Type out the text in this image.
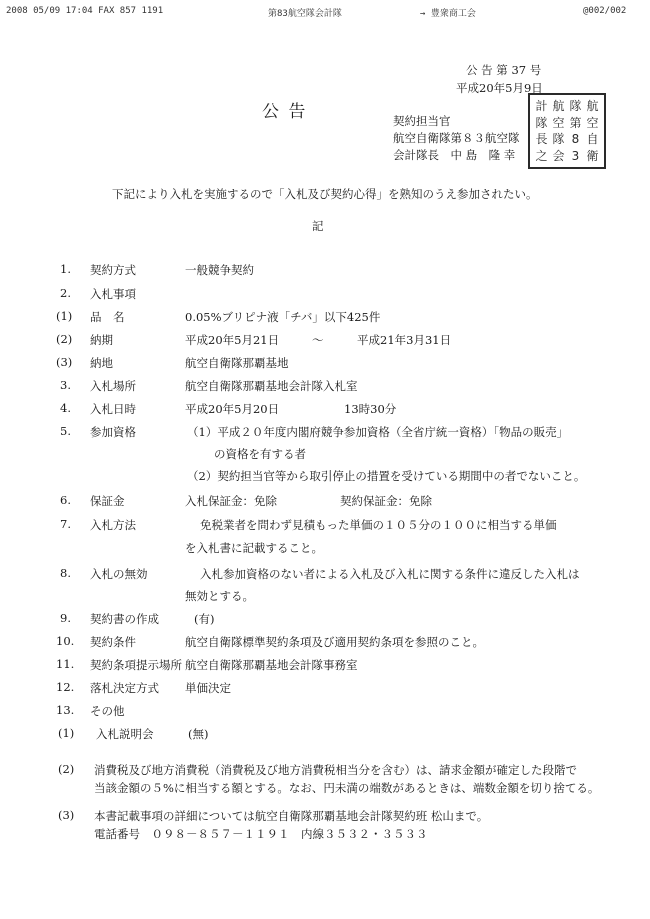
2008 05/09 17:04 FAX 857 1191	第83航空隊会計隊	→ 豊衆商工会	@002/002
公 告 第 37 号
平成20年5月9日
公 告	契約担当官
航空自衛隊第８３航空隊
会計隊長　中 島　隆 幸
計 航 隊 航
隊 空 第 空
長 隊 8 自
之 会 3 衛
下記により入札を実施するので「入札及び契約心得」を熟知のうえ参加されたい。
記
1. 契約方式	一般競争契約
2. 入札事項
(1) 品　名	0.05%ブリピナ液「チバ」以下425件
(2) 納期	平成20年5月21日	〜	平成21年3月31日
(3) 納地	航空自衛隊那覇基地
3. 入札場所	航空自衛隊那覇基地会計隊入札室
4. 入札日時	平成20年5月20日	13時30分
5. 参加資格	（1）平成２０年度内閣府競争参加資格（全省庁統一資格）「物品の販売」
の資格を有する者
（2）契約担当官等から取引停止の措置を受けている期間中の者でないこと。
6. 保証金	入札保証金：免除	契約保証金：免除
7. 入札方法	免税業者を問わず見積もった単価の１０５分の１００に相当する単価
を入札書に記載すること。
8. 入札の無効	入札参加資格のない者による入札及び入札に関する条件に違反した入札は
無効とする。
9. 契約書の作成	(有)
10. 契約条件	航空自衛隊標準契約条項及び適用契約条項を参照のこと。
11. 契約条項提示場所 航空自衛隊那覇基地会計隊事務室
12. 落札決定方式 単価決定
13. その他
(1) 入札説明会	(無)
(2) 消費税及び地方消費税（消費税及び地方消費税相当分を含む）は、請求金額が確定した段階で
当該金額の５%に相当する額とする。なお、円未満の端数があるときは、端数金額を切り捨てる。
(3) 本書記載事項の詳細については航空自衛隊那覇基地会計隊契約班 松山まで。
電話番号　０９８－８５７－１１９１　内線３５３２・３５３３
